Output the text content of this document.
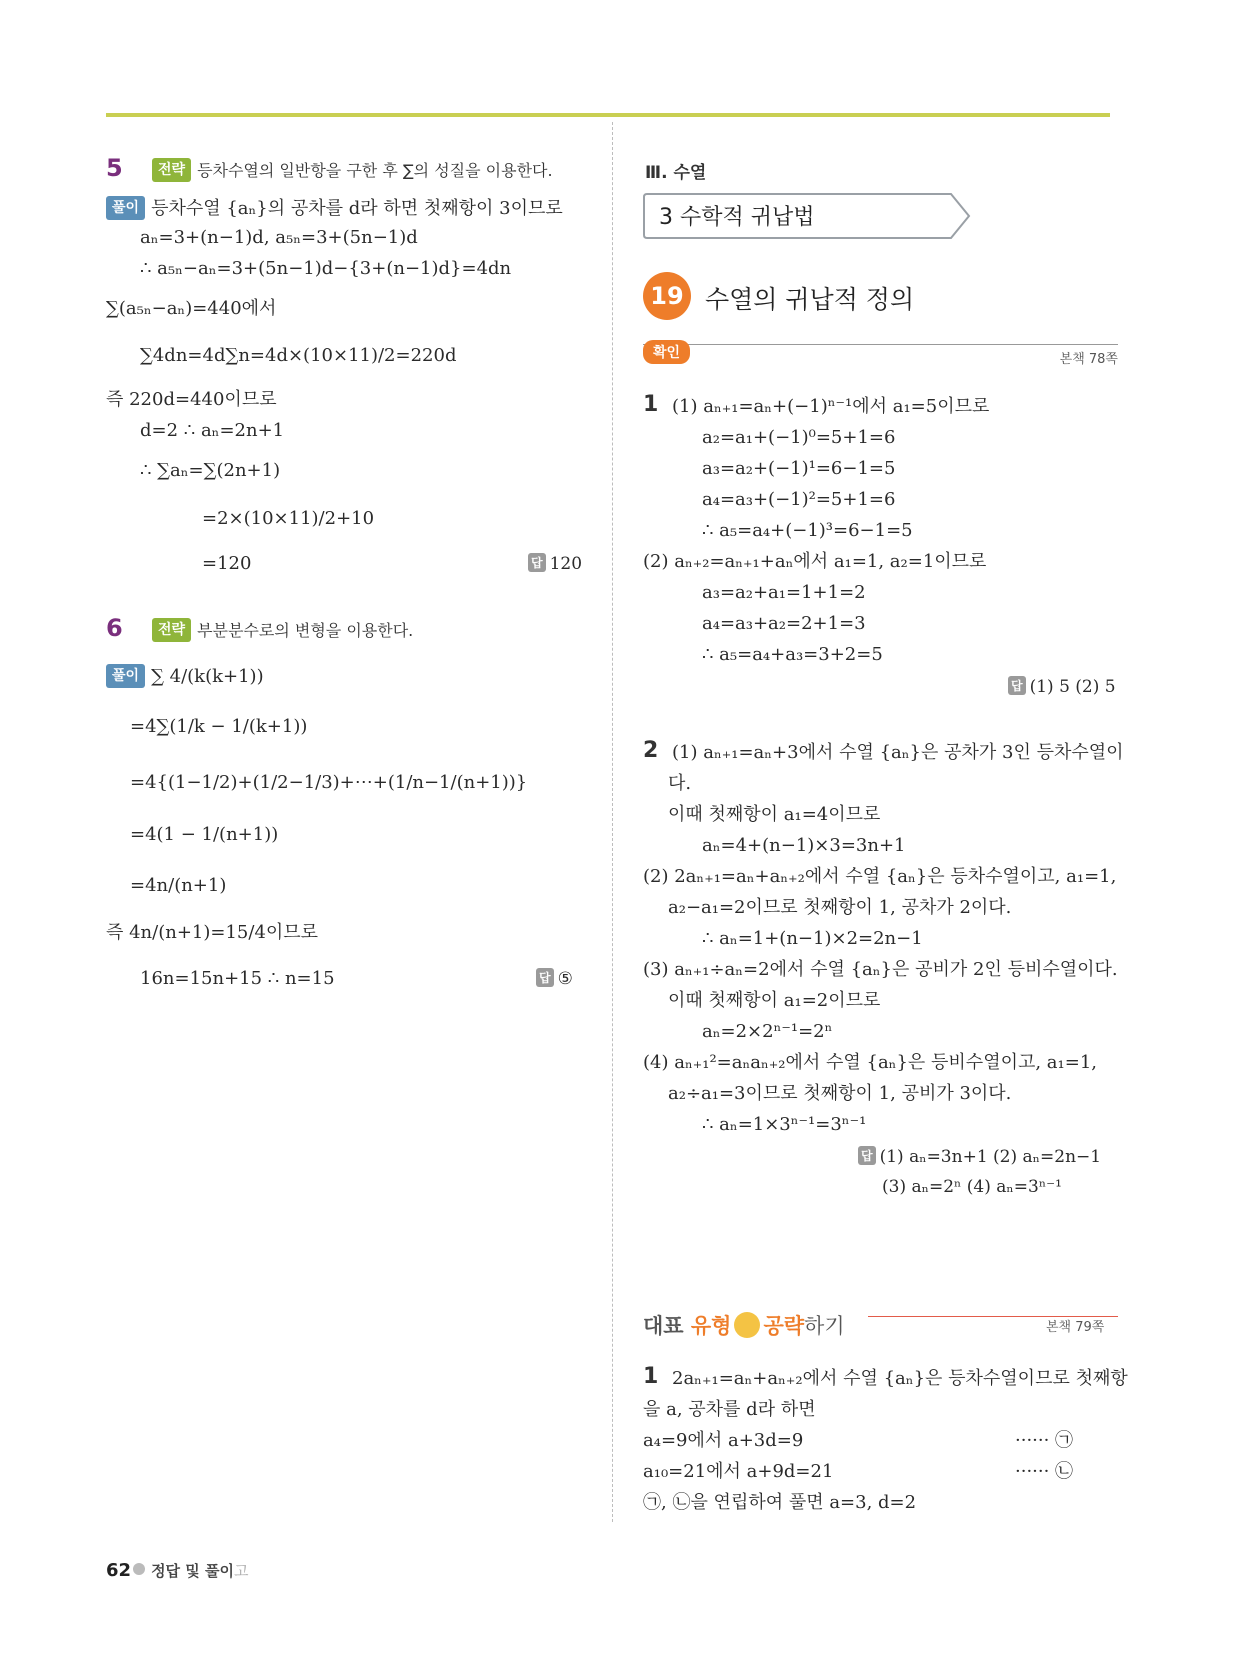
5	전략 등차수열의 일반항을 구한 후 ∑의 성질을 이용한다.
풀이 등차수열 {aₙ}의 공차를 d라 하면 첫째항이 3이므로
aₙ=3+(n−1)d, a₅ₙ=3+(5n−1)d
∴ a₅ₙ−aₙ=3+(5n−1)d−{3+(n−1)d}=4dn
∑(a₅ₙ−aₙ)=440에서
∑4dn=4d∑n=4d×(10×11)/2=220d
즉 220d=440이므로
d=2 ∴ aₙ=2n+1
∴ ∑aₙ=∑(2n+1)
=2×(10×11)/2+10
=120	답 120
6	전략 부분분수로의 변형을 이용한다.
풀이 ∑ 4/(k(k+1))
=4∑(1/k − 1/(k+1))
=4{(1−1/2)+(1/2−1/3)+⋯+(1/n−1/(n+1))}
=4(1 − 1/(n+1))
=4n/(n+1)
즉 4n/(n+1)=15/4이므로
16n=15n+15 ∴ n=15	답 ⑤
Ⅲ. 수열
3 수학적 귀납법
19 수열의 귀납적 정의
확인	본책 78쪽
1 (1) aₙ₊₁=aₙ+(−1)ⁿ⁻¹에서 a₁=5이므로
a₂=a₁+(−1)⁰=5+1=6
a₃=a₂+(−1)¹=6−1=5
a₄=a₃+(−1)²=5+1=6
∴ a₅=a₄+(−1)³=6−1=5
(2) aₙ₊₂=aₙ₊₁+aₙ에서 a₁=1, a₂=1이므로
a₃=a₂+a₁=1+1=2
a₄=a₃+a₂=2+1=3
∴ a₅=a₄+a₃=3+2=5
답 (1) 5 (2) 5
2 (1) aₙ₊₁=aₙ+3에서 수열 {aₙ}은 공차가 3인 등차수열이
다.
이때 첫째항이 a₁=4이므로
aₙ=4+(n−1)×3=3n+1
(2) 2aₙ₊₁=aₙ+aₙ₊₂에서 수열 {aₙ}은 등차수열이고, a₁=1,
a₂−a₁=2이므로 첫째항이 1, 공차가 2이다.
∴ aₙ=1+(n−1)×2=2n−1
(3) aₙ₊₁÷aₙ=2에서 수열 {aₙ}은 공비가 2인 등비수열이다.
이때 첫째항이 a₁=2이므로
aₙ=2×2ⁿ⁻¹=2ⁿ
(4) aₙ₊₁²=aₙaₙ₊₂에서 수열 {aₙ}은 등비수열이고, a₁=1,
a₂÷a₁=3이므로 첫째항이 1, 공비가 3이다.
∴ aₙ=1×3ⁿ⁻¹=3ⁿ⁻¹
답 (1) aₙ=3n+1 (2) aₙ=2n−1
(3) aₙ=2ⁿ (4) aₙ=3ⁿ⁻¹
대표 유형 공략하기	본책 79쪽
1 2aₙ₊₁=aₙ+aₙ₊₂에서 수열 {aₙ}은 등차수열이므로 첫째항
을 a, 공차를 d라 하면
a₄=9에서 a+3d=9	······ ㉠
a₁₀=21에서 a+9d=21	······ ㉡
㉠, ㉡을 연립하여 풀면 a=3, d=2
62 정답 및 풀이고
